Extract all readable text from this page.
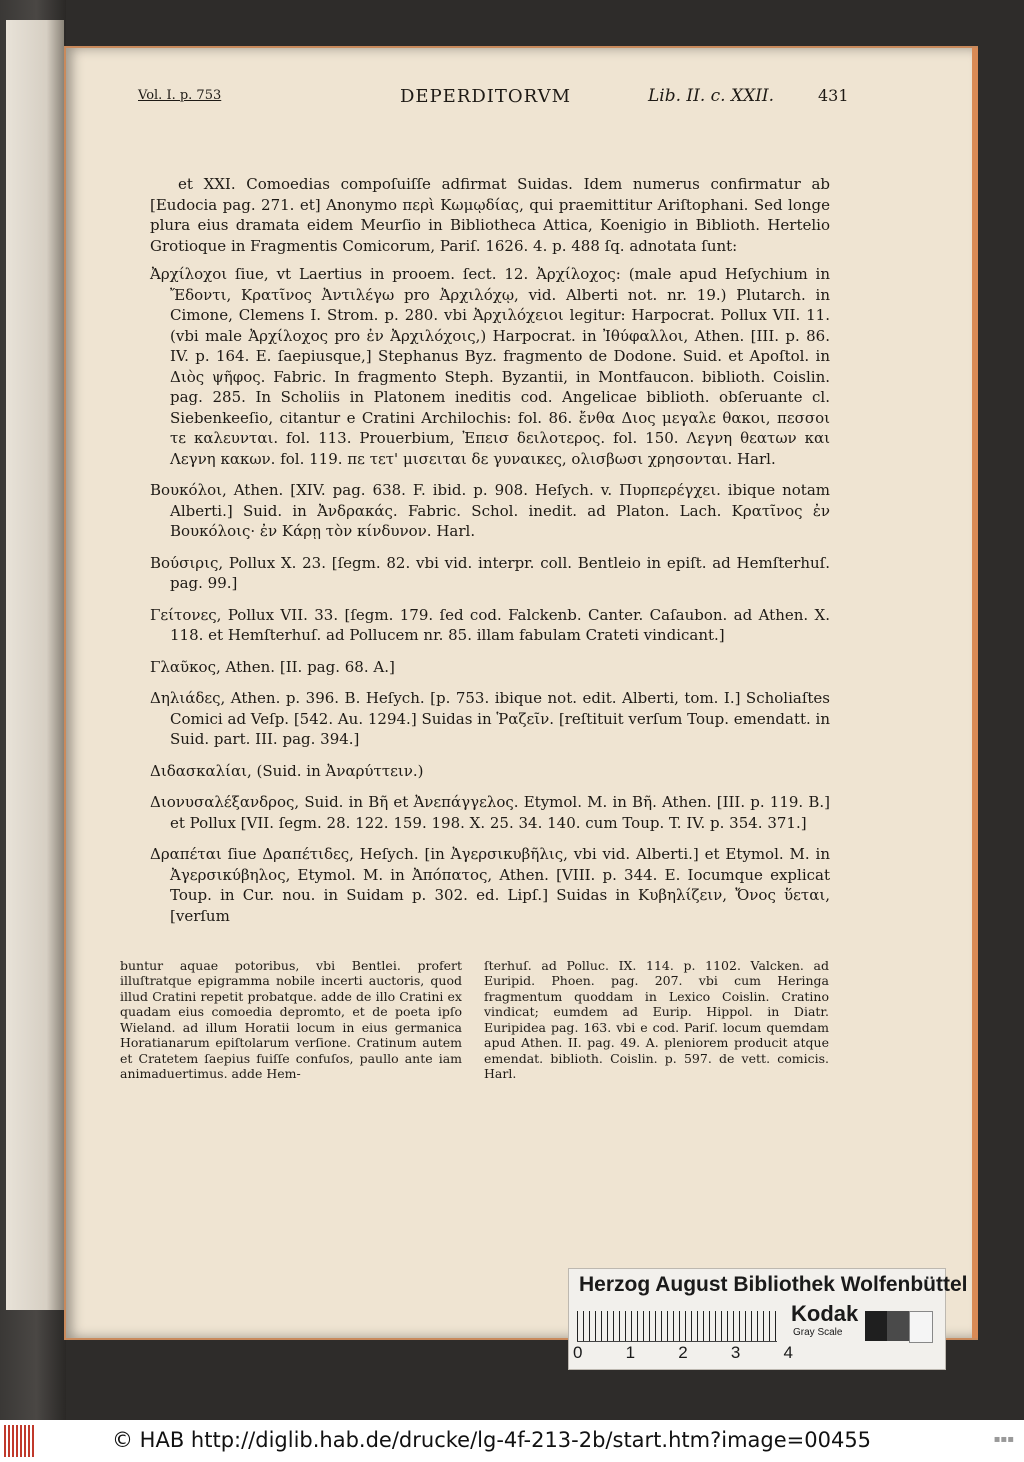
Vol. I. p. 753	DEPERDITORVM	Lib. II. c. XXII.	431

et XXI. Comoedias compoſuiſſe adfirmat Suidas. Idem numerus confirmatur ab [Eudocia pag. 271. et] Anonymo περὶ Κωμῳδίας, qui praemittitur Ariſtophani. Sed longe plura eius dramata eidem Meurſio in Bibliotheca Attica, Koenigio in Biblioth. Hertelio Grotioque in Fragmentis Comicorum, Pariſ. 1626. 4. p. 488 ſq. adnotata ſunt:

Ἀρχίλοχοι ſiue, vt Laertius in prooem. ſect. 12. Ἀρχίλοχος: (male apud Heſychium in Ἔδοντι, Κρατῖνος Ἀντιλέγω pro Ἀρχιλόχῳ, vid. Alberti not. nr. 19.) Plutarch. in Cimone, Clemens I. Strom. p. 280. vbi Ἀρχιλόχειοι legitur: Harpocrat. Pollux VII. 11. (vbi male Ἀρχίλοχος pro ἐν Ἀρχιλόχοις,) Harpocrat. in Ἰθύφαλλοι, Athen. [III. p. 86. IV. p. 164. E. ſaepiusque,] Stephanus Byz. fragmento de Dodone. Suid. et Apoſtol. in Διὸς ψῆφος. Fabric. In fragmento Steph. Byzantii, in Montfaucon. biblioth. Coislin. pag. 285. In Scholiis in Platonem ineditis cod. Angelicae biblioth. obſeruante cl. Siebenkeeſio, citantur e Cratini Archilochis: fol. 86. ἔνθα Διος μεγαλε θακοι, πεσσοι τε καλευνται. fol. 113. Prouerbium, Ἐπεισ δειλοτερος. fol. 150. Λεγνη θεατων και Λεγνη κακων. fol. 119. πε τετ' μισειται δε γυναικες, ολισβωσι χρησονται. Harl.

Βουκόλοι, Athen. [XIV. pag. 638. F. ibid. p. 908. Heſych. v. Πυρπερέγχει. ibique notam Alberti.] Suid. in Ἀνδρακάς. Fabric. Schol. inedit. ad Platon. Lach. Κρατῖνος ἐν Βουκόλοις· ἐν Κάρῃ τὸν κίνδυνον. Harl.

Βούσιρις, Pollux X. 23. [ſegm. 82. vbi vid. interpr. coll. Bentleio in epiſt. ad Hemſterhuſ. pag. 99.]

Γείτονες, Pollux VII. 33. [ſegm. 179. ſed cod. Falckenb. Canter. Caſaubon. ad Athen. X. 118. et Hemſterhuſ. ad Pollucem nr. 85. illam fabulam Crateti vindicant.]

Γλαῦκος, Athen. [II. pag. 68. A.]

Δηλιάδες, Athen. p. 396. B. Heſych. [p. 753. ibique not. edit. Alberti, tom. I.] Scholiaſtes Comici ad Veſp. [542. Au. 1294.] Suidas in Ῥαζεῖν. [reſtituit verſum Toup. emendatt. in Suid. part. III. pag. 394.]

Διδασκαλίαι, (Suid. in Ἀναρύττειν.)

Διονυσαλέξανδρος, Suid. in Βῆ et Ἀνεπάγγελος. Etymol. M. in Βῆ. Athen. [III. p. 119. B.] et Pollux [VII. ſegm. 28. 122. 159. 198. X. 25. 34. 140. cum Toup. T. IV. p. 354. 371.]

Δραπέται ſiue Δραπέτιδες, Heſych. [in Ἀγερσικυβῆλις, vbi vid. Alberti.] et Etymol. M. in Ἀγερσικύβηλος, Etymol. M. in Ἀπόπατος, Athen. [VIII. p. 344. E. Iocumque explicat Toup. in Cur. nou. in Suidam p. 302. ed. Lipſ.] Suidas in Κυβηλίζειν, Ὄνος ὕεται, [verſum

buntur aquae potoribus, vbi Bentlei. profert illuſtratque epigramma nobile incerti auctoris, quod illud Cratini repetit probatque. adde de illo Cratini ex quadam eius comoedia depromto, et de poeta ipſo Wieland. ad illum Horatii locum in eius germanica Horatianarum epiſtolarum verſione. Cratinum autem et Cratetem ſaepius fuiſſe confuſos, paullo ante iam animaduertimus. adde Hem-

ſterhuſ. ad Polluc. IX. 114. p. 1102. Valcken. ad Euripid. Phoen. pag. 207. vbi cum Heringa fragmentum quoddam in Lexico Coislin. Cratino vindicat; eumdem ad Eurip. Hippol. in Diatr. Euripidea pag. 163. vbi e cod. Pariſ. locum quemdam apud Athen. II. pag. 49. A. pleniorem producit atque emendat. biblioth. Coislin. p. 597. de vett. comicis. Harl.

Herzog August Bibliothek Wolfenbüttel
0	1	2	3	4
Kodak
Gray Scale
© HAB http://diglib.hab.de/drucke/lg-4f-213-2b/start.htm?image=00455	▪▪▪
